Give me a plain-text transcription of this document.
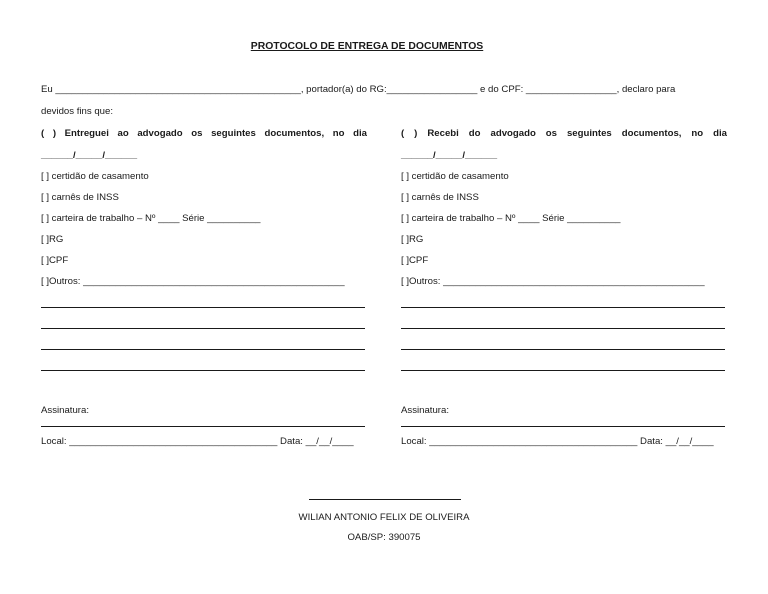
PROTOCOLO DE ENTREGA DE DOCUMENTOS
Eu ______________________________________________, portador(a) do RG:_________________ e do CPF: _________________, declaro para
devidos fins que:
( ) Entreguei ao advogado os seguintes documentos, no dia
______/_____/______
[ ] certidão de casamento
[ ] carnês de INSS
[ ] carteira de trabalho – Nº ____ Série __________
[ ]RG
[ ]CPF
[ ]Outros: _________________________________________________
Assinatura:
Local: _______________________________________ Data: __/__/____
( ) Recebi do advogado os seguintes documentos, no dia
______/_____/______
[ ] certidão de casamento
[ ] carnês de INSS
[ ] carteira de trabalho – Nº ____ Série __________
[ ]RG
[ ]CPF
[ ]Outros: _________________________________________________
Assinatura:
Local: _______________________________________ Data: __/__/____
WILIAN ANTONIO FELIX DE OLIVEIRA
OAB/SP: 390075
